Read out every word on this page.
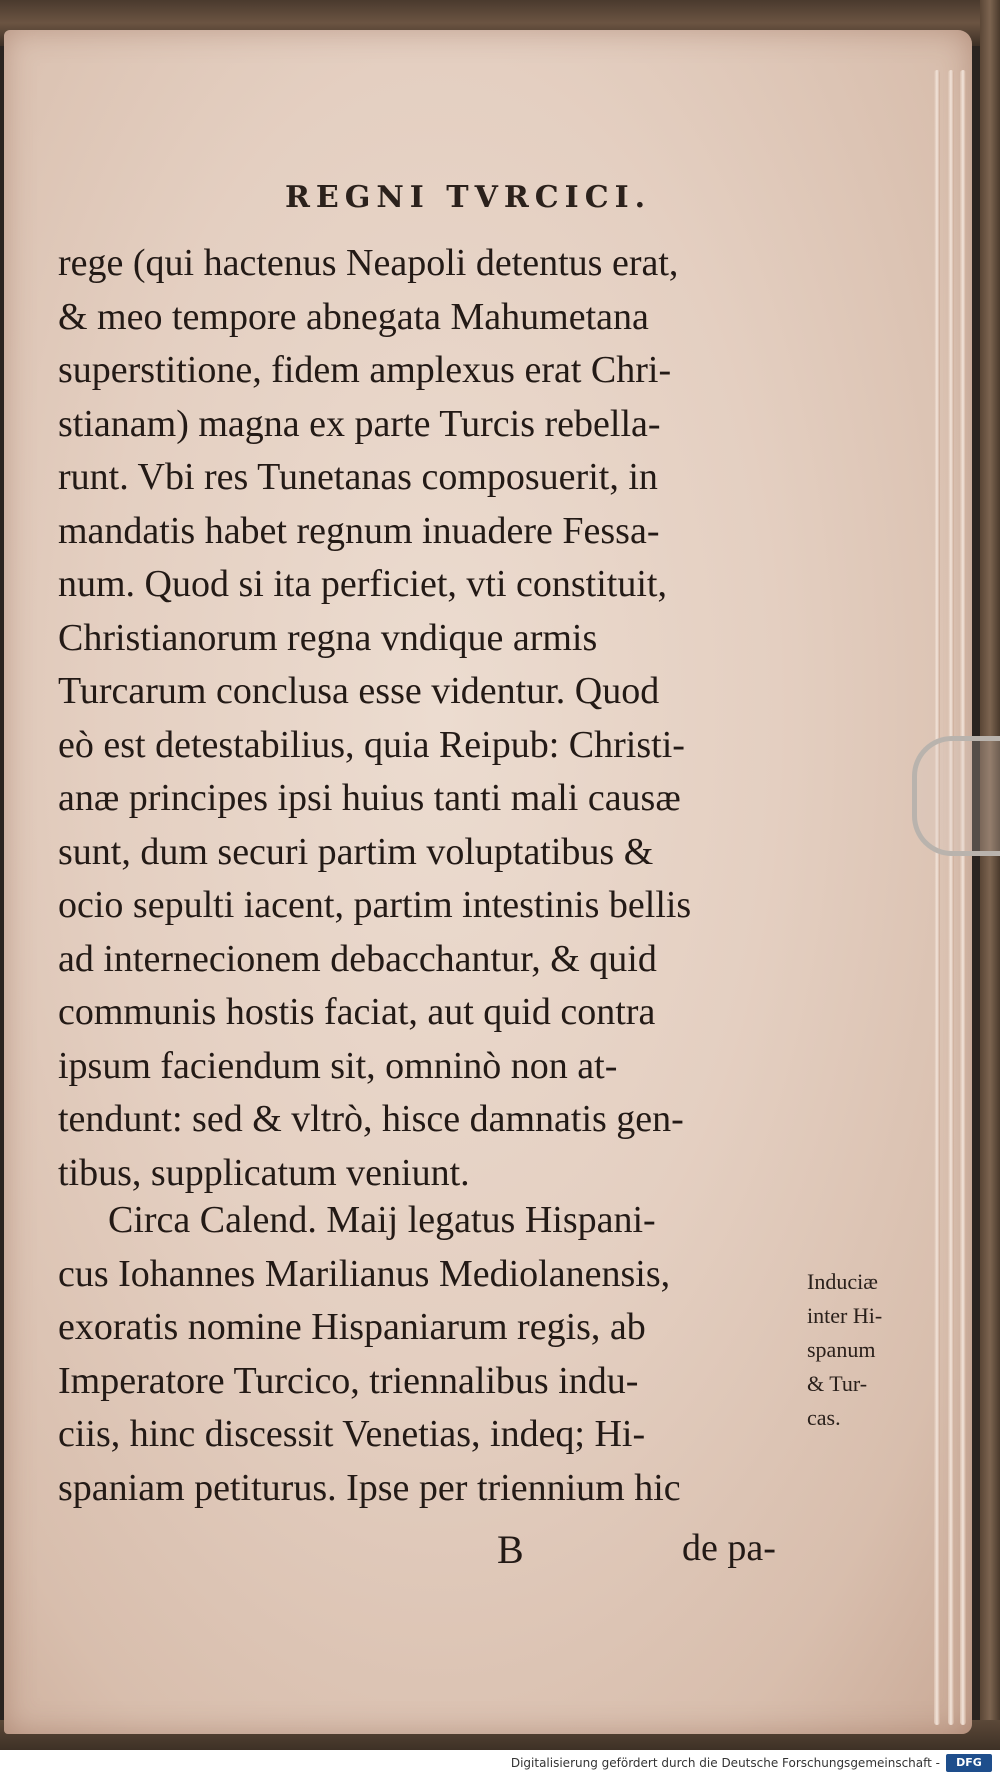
REGNI TVRCICI.
rege (qui hactenus Neapoli detentus erat,
& meo tempore abnegata Mahumetana
superstitione, fidem amplexus erat Chri-
stianam) magna ex parte Turcis rebella-
runt. Vbi res Tunetanas composuerit, in
mandatis habet regnum inuadere Fessa-
num. Quod si ita perficiet, vti constituit,
Christianorum regna vndique armis
Turcarum conclusa esse videntur. Quod
eò est detestabilius, quia Reipub: Christi-
anæ principes ipsi huius tanti mali causæ
sunt, dum securi partim voluptatibus &
ocio sepulti iacent, partim intestinis bellis
ad internecionem debacchantur, & quid
communis hostis faciat, aut quid contra
ipsum faciendum sit, omninò non at-
tendunt: sed & vltrò, hisce damnatis gen-
tibus, supplicatum veniunt.
Circa Calend. Maij legatus Hispani-
cus Iohannes Marilianus Mediolanensis,
exoratis nomine Hispaniarum regis, ab
Imperatore Turcico, triennalibus indu-
ciis, hinc discessit Venetias, indeq; Hi-
spaniam petiturus. Ipse per triennium hic
Induciæ
inter Hi-
spanum
& Tur-
cas.
B	de pa-
Digitalisierung gefördert durch die Deutsche Forschungsgemeinschaft -	DFG
